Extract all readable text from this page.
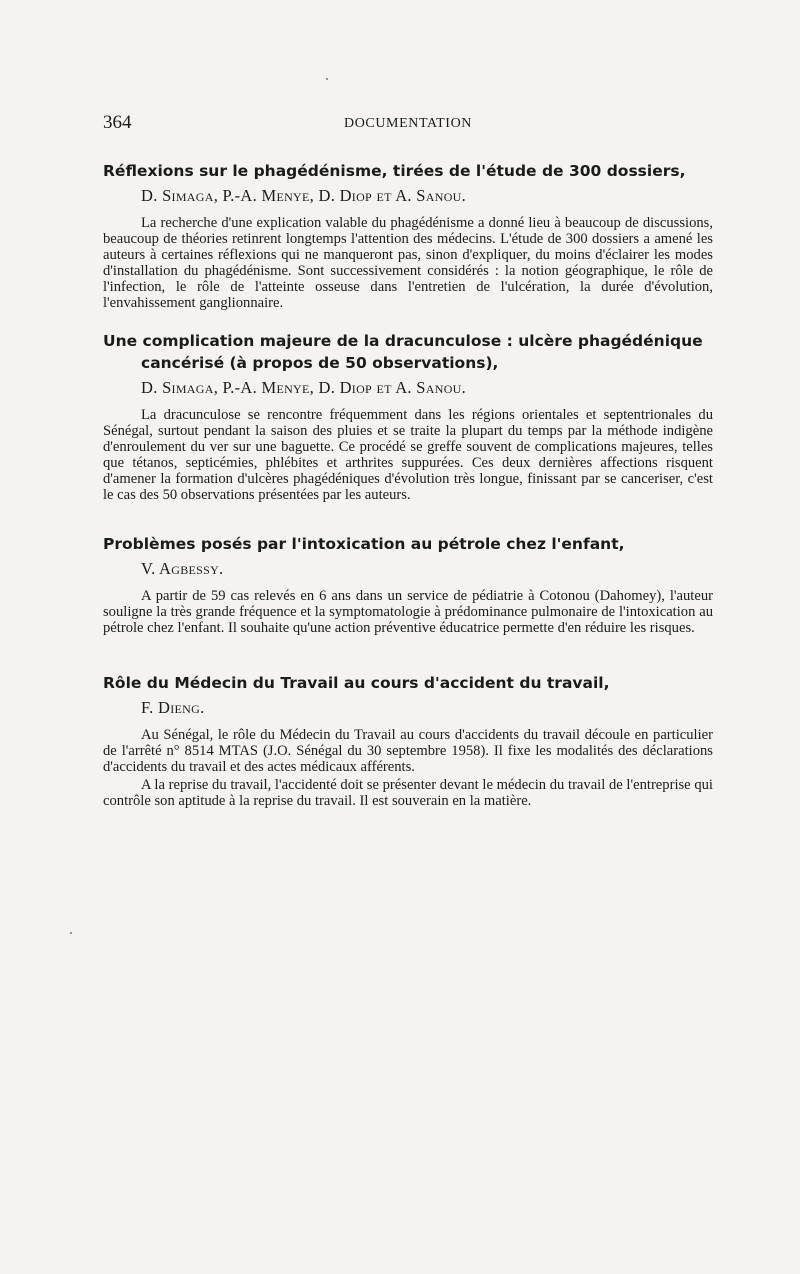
364	DOCUMENTATION
Réflexions sur le phagédénisme, tirées de l'étude de 300 dossiers,
D. Simaga, P.-A. Menye, D. Diop et A. Sanou.

La recherche d'une explication valable du phagédénisme a donné lieu à beaucoup de discussions, beaucoup de théories retinrent longtemps l'attention des médecins. L'étude de 300 dossiers a amené les auteurs à certaines réflexions qui ne manqueront pas, sinon d'expliquer, du moins d'éclairer les modes d'installation du phagédénisme. Sont successivement considérés : la notion géographique, le rôle de l'infection, le rôle de l'atteinte osseuse dans l'entretien de l'ulcération, la durée d'évolution, l'envahissement ganglionnaire.

Une complication majeure de la dracunculose : ulcère phagédénique cancérisé (à propos de 50 observations),
D. Simaga, P.-A. Menye, D. Diop et A. Sanou.

La dracunculose se rencontre fréquemment dans les régions orientales et septentrionales du Sénégal, surtout pendant la saison des pluies et se traite la plupart du temps par la méthode indigène d'enroulement du ver sur une baguette. Ce procédé se greffe souvent de complications majeures, telles que tétanos, septicémies, phlébites et arthrites suppurées. Ces deux dernières affections risquent d'amener la formation d'ulcères phagédéniques d'évolution très longue, finissant par se canceriser, c'est le cas des 50 observations présentées par les auteurs.

Problèmes posés par l'intoxication au pétrole chez l'enfant,
V. Agbessy.

A partir de 59 cas relevés en 6 ans dans un service de pédiatrie à Cotonou (Dahomey), l'auteur souligne la très grande fréquence et la symptomatologie à prédominance pulmonaire de l'intoxication au pétrole chez l'enfant. Il souhaite qu'une action préventive éducatrice permette d'en réduire les risques.

Rôle du Médecin du Travail au cours d'accident du travail,
F. Dieng.

Au Sénégal, le rôle du Médecin du Travail au cours d'accidents du travail découle en particulier de l'arrêté n° 8514 MTAS (J.O. Sénégal du 30 septembre 1958). Il fixe les modalités des déclarations d'accidents du travail et des actes médicaux afférents.

A la reprise du travail, l'accidenté doit se présenter devant le médecin du travail de l'entreprise qui contrôle son aptitude à la reprise du travail. Il est souverain en la matière.
